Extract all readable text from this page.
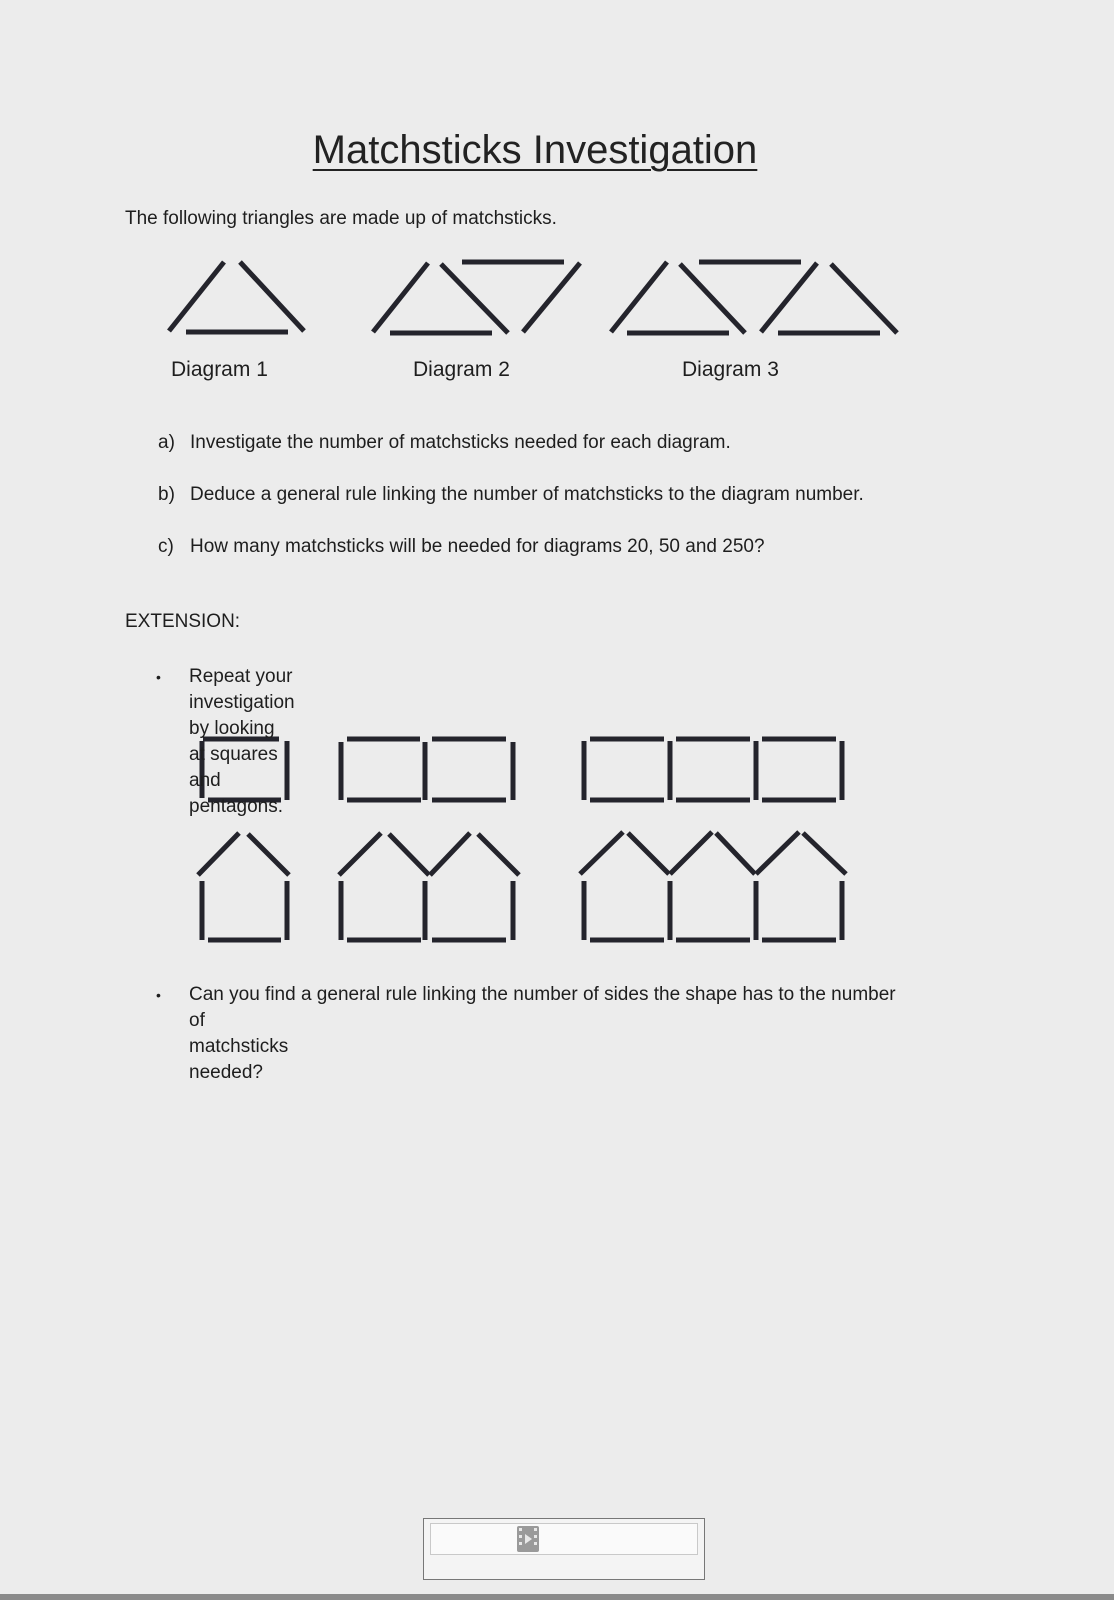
Matchsticks Investigation
The following triangles are made up of matchsticks.
Diagram 1	Diagram 2	Diagram 3
a) Investigate the number of matchsticks needed for each diagram.
b) Deduce a general rule linking the number of matchsticks to the diagram number.
c) How many matchsticks will be needed for diagrams 20, 50 and 250?
EXTENSION:
• Repeat your investigation by looking at squares and pentagons.
• Can you find a general rule linking the number of sides the shape has to the number
of matchsticks needed?
